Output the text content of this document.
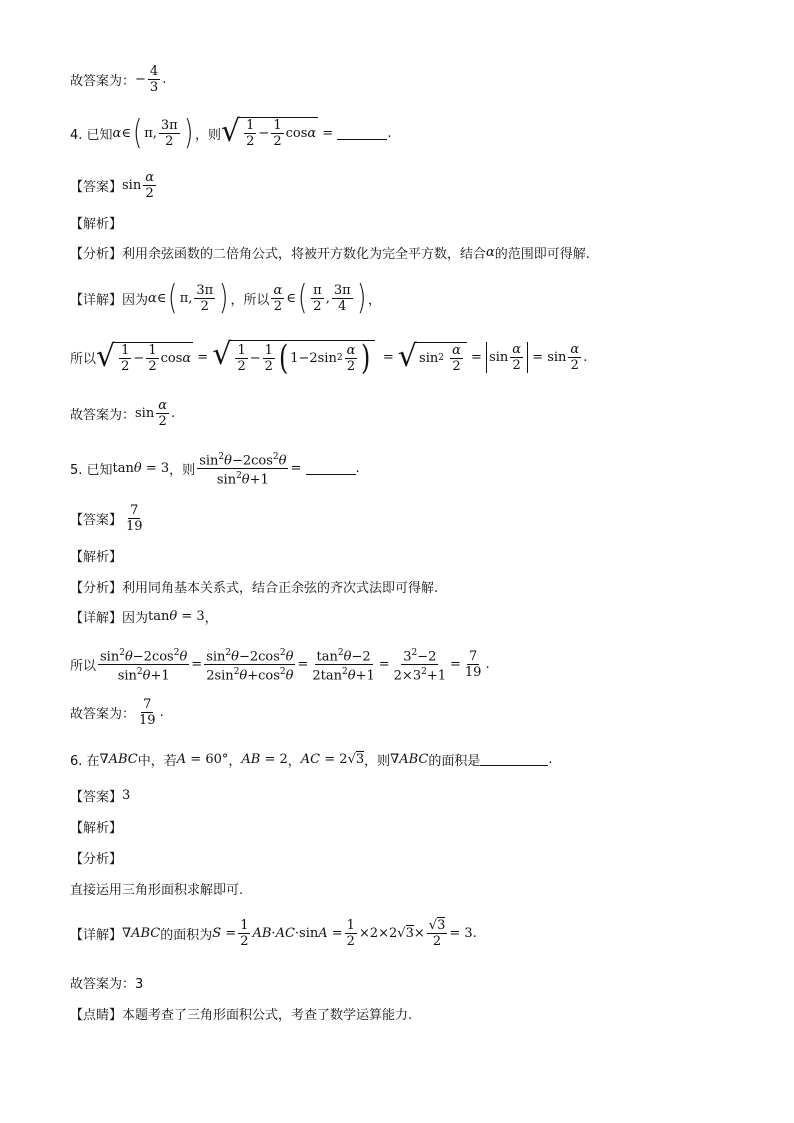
故答案为： − $\frac{4}{3}$ .
4. 已知 α ∈ ( π, $\frac{3\pi}{2}$ ) ，则 √ $\frac{1}{2} - \frac{1}{2}$ cos α =	.
【答案】 $\sin \frac{\alpha}{2}$
【解析】
【分析】利用余弦函数的二倍角公式，将被开方数化为完全平方数，结合 α 的范围即可得解.
【详解】因为 α ∈ ( π, $\frac{3\pi}{2}$ ) ，所以 $\frac{\alpha}{2}$ ∈ ( $\frac{\pi}{2}$ , $\frac{3\pi}{4}$ ) ，
所以 √ $\frac{1}{2} - \frac{1}{2}$ cos α = √ $\frac{1}{2} - \frac{1}{2}$ ( 1−2sin $2 \frac{\alpha}{2}$ ) = √ sin 2
$\frac{\alpha}{2} = \sin \frac{\alpha}{2} = \sin \frac{\alpha}{2}$ .
故答案为： $\sin \frac{\alpha}{2}$ .
5. 已知 tanθ = 3 ，则 $\frac{\sin^2\theta-2\cos^2\theta}{\sin^2\theta+1}$ =	.
【答案】 $\frac{7}{19}$
【解析】
【分析】利用同角基本关系式，结合正余弦的齐次式法即可得解.
【详解】因为 tanθ = 3 ，
所以 $\frac{\sin^2\theta-2\cos^2\theta}{\sin^2\theta+1} = \frac{\sin^2\theta-2\cos^2\theta}{2\sin^2\theta+\cos^2\theta} = \frac{\tan^2\theta-2}{2\tan^2\theta+1} = \frac{3^2-2}{2\times 3^2+1} = \frac{7}{19}$ .
故答案为： $\frac{7}{19}$ .
6. 在 ∇ABC 中，若 A = 60° ， AB = 2 ， AC = 2√3 ，则 ∇ABC 的面积是	.
【答案】 3
【解析】
【分析】
直接运用三角形面积求解即可.
【详解】 ∇ABC 的面积为 $S = \frac{1}{2} AB\cdot AC\cdot\sin A = \frac{1}{2} \times 2\times 2√3\times \frac{√3}{2} = 3$.
故答案为：3
【点睛】本题考查了三角形面积公式，考查了数学运算能力.
